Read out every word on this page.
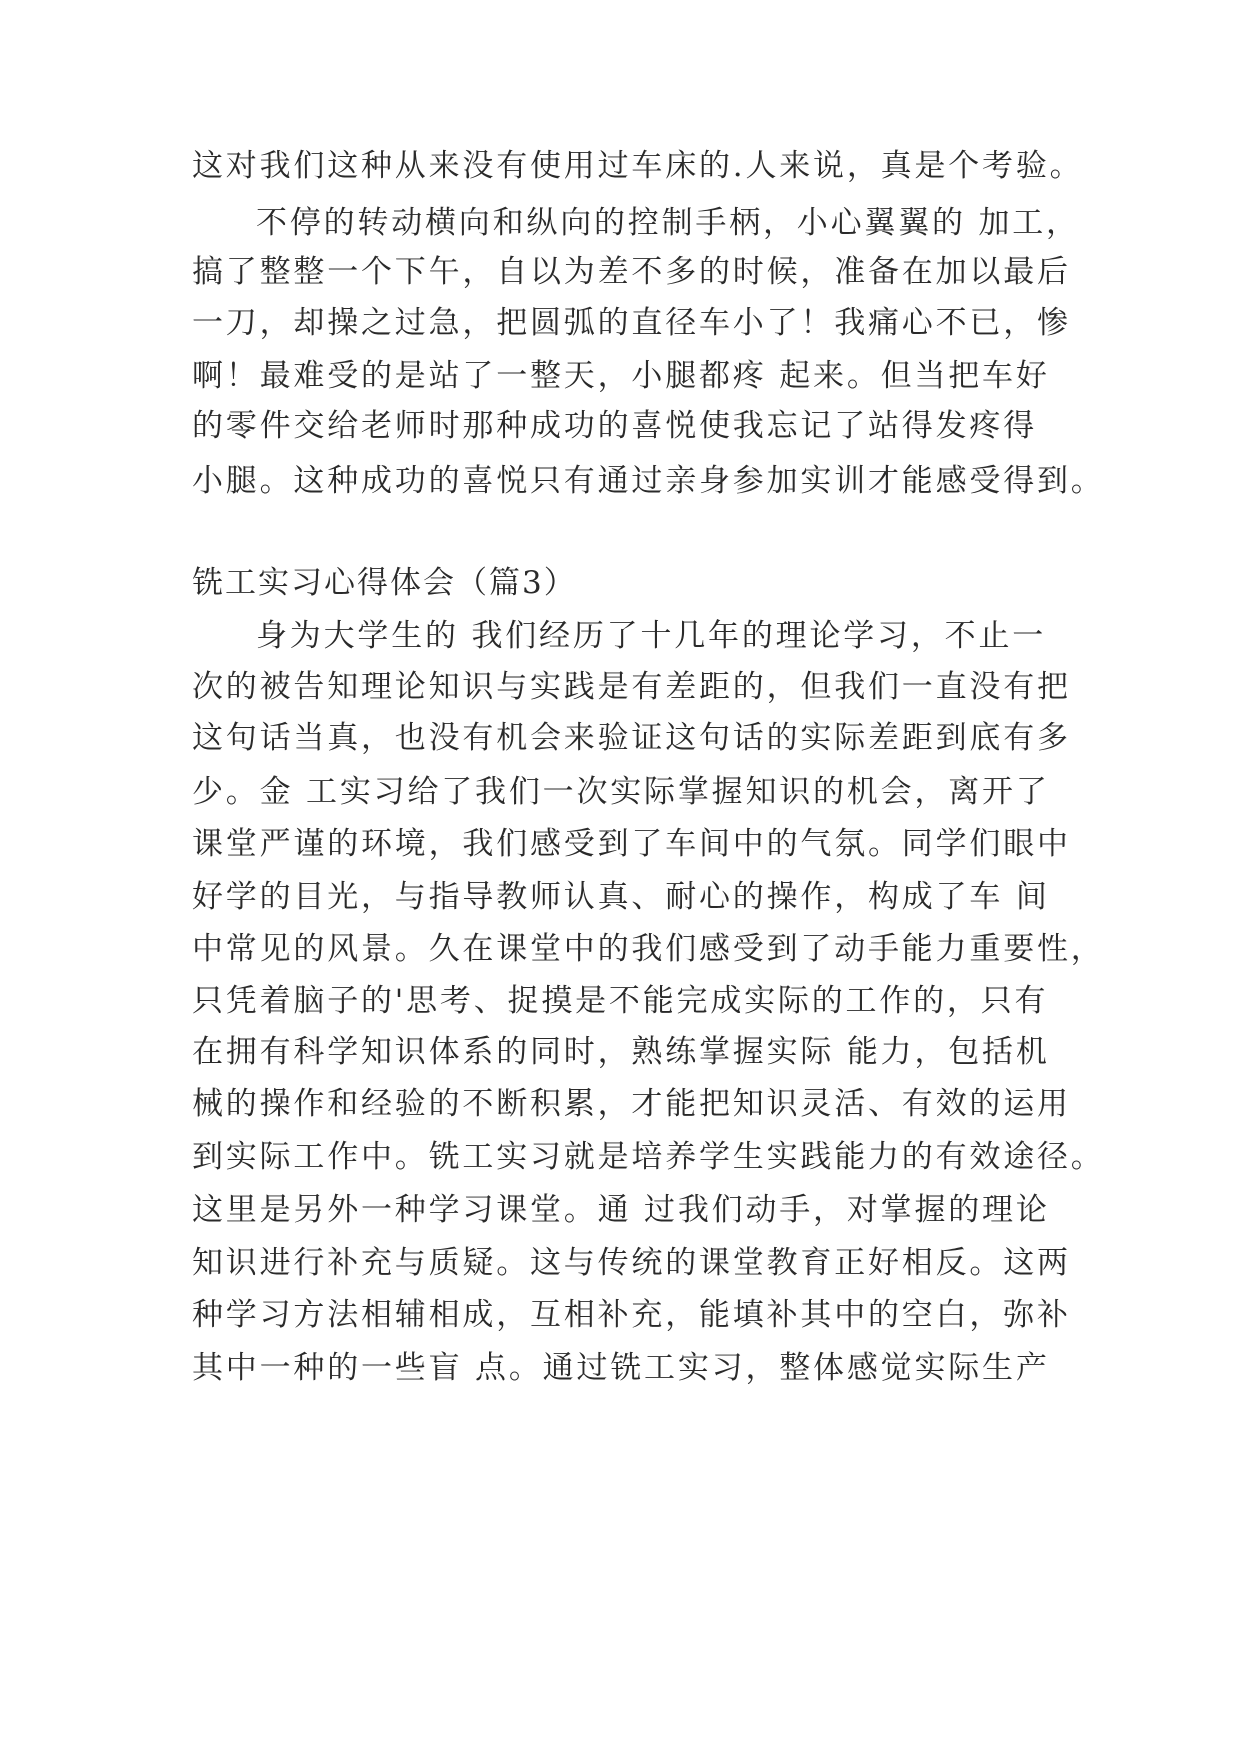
这对我们这种从来没有使用过车床的.人来说，真是个考验。
不停的转动横向和纵向的控制手柄，小心翼翼的 加工，
搞了整整一个下午，自以为差不多的时候，准备在加以最后
一刀，却操之过急，把圆弧的直径车小了！我痛心不已，惨
啊！最难受的是站了一整天，小腿都疼 起来。但当把车好
的零件交给老师时那种成功的喜悦使我忘记了站得发疼得
小腿。这种成功的喜悦只有通过亲身参加实训才能感受得到。
铣工实习心得体会（篇3）
身为大学生的 我们经历了十几年的理论学习，不止一
次的被告知理论知识与实践是有差距的，但我们一直没有把
这句话当真，也没有机会来验证这句话的实际差距到底有多
少。金 工实习给了我们一次实际掌握知识的机会，离开了
课堂严谨的环境，我们感受到了车间中的气氛。同学们眼中
好学的目光，与指导教师认真、耐心的操作，构成了车 间
中常见的风景。久在课堂中的我们感受到了动手能力重要性，
只凭着脑子的'思考、捉摸是不能完成实际的工作的，只有
在拥有科学知识体系的同时，熟练掌握实际 能力，包括机
械的操作和经验的不断积累，才能把知识灵活、有效的运用
到实际工作中。铣工实习就是培养学生实践能力的有效途径。
这里是另外一种学习课堂。通 过我们动手，对掌握的理论
知识进行补充与质疑。这与传统的课堂教育正好相反。这两
种学习方法相辅相成，互相补充，能填补其中的空白，弥补
其中一种的一些盲 点。通过铣工实习，整体感觉实际生产
